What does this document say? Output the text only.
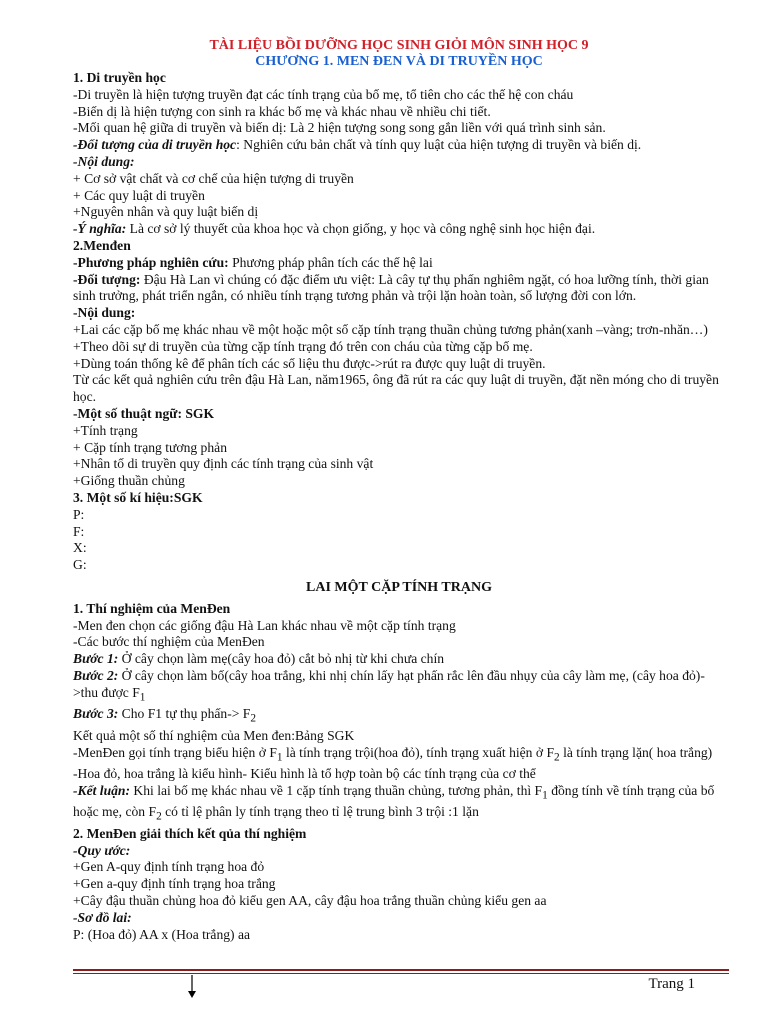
TÀI LIỆU BỒI DƯỠNG HỌC SINH GIỎI MÔN SINH HỌC 9
CHƯƠNG 1. MEN ĐEN VÀ DI TRUYỀN HỌC
1. Di truyền học
-Di truyền là hiện tượng truyền đạt các tính trạng của bố mẹ, tổ tiên cho các thế hệ con cháu
-Biến dị là hiện tượng con sinh ra khác bố mẹ và khác nhau về nhiều chi tiết.
-Mối quan hệ giữa di truyền và biến dị: Là 2 hiện tượng song song gắn liền với quá trình sinh sản.
-Đối tượng của di truyền học: Nghiên cứu bản chất và tính quy luật của hiện tượng di truyền và biến dị.
-Nội dung:
+ Cơ sở vật chất và cơ chế của hiện tượng di truyền
+ Các quy luật di truyền
+Nguyên nhân và quy luật biến dị
-Ý nghĩa: Là cơ sở lý thuyết của khoa học và chọn giống, y học và công nghệ sinh học hiện đại.
2.Menđen
-Phương pháp nghiên cứu: Phương pháp phân tích các thế hệ lai
-Đối tượng: Đậu Hà Lan vì chúng có đặc điểm ưu việt: Là cây tự thụ phấn nghiêm ngặt, có hoa lưỡng tính, thời gian sinh trưởng, phát triển ngắn, có nhiều tính trạng tương phản và trội lặn hoàn toàn, số lượng đời con lớn.
-Nội dung:
+Lai các cặp bố mẹ khác nhau về một hoặc một số cặp tính trạng thuần chủng tương phản(xanh –vàng; trơn-nhăn…)
+Theo dõi sự di truyền của từng cặp tính trạng đó trên con cháu của từng cặp bố mẹ.
+Dùng toán thống kê để phân tích các số liệu thu được->rút ra được quy luật di truyền.
Từ các kết quả nghiên cứu trên đậu Hà Lan, năm1965, ông đã rút ra các quy luật di truyền, đặt nền móng cho di truyền học.
-Một số thuật ngữ: SGK
+Tính trạng
+ Cặp tính trạng tương phản
+Nhân tố di truyền quy định các tính trạng của sinh vật
+Giống thuần chủng
3. Một số kí hiệu:SGK
P:
F:
X:
G:
LAI MỘT CẶP TÍNH TRẠNG
1. Thí nghiệm của MenĐen
-Men đen chọn các giống đậu Hà Lan khác nhau về một cặp tính trạng
-Các bước thí nghiệm của MenĐen
Bước 1: Ở cây chọn làm mẹ(cây hoa đỏ) cắt bỏ nhị từ khi chưa chín
Bước 2: Ở cây chọn làm bố(cây hoa trắng, khi nhị chín lấy hạt phấn rắc lên đầu nhụy của cây làm mẹ, (cây hoa đỏ)->thu được $F_1$
Bước 3: Cho F1 tự thụ phấn-> $F_2$
Kết quả một số thí nghiệm của Men đen:Bảng SGK
-MenĐen gọi tính trạng biểu hiện ở $F_1$ là tính trạng trội(hoa đỏ), tính trạng xuất hiện ở $F_2$ là tính trạng lặn( hoa trắng)
-Hoa đỏ, hoa trắng là kiểu hình- Kiểu hình là tổ hợp toàn bộ các tính trạng của cơ thể
-Kết luận: Khi lai bố mẹ khác nhau về 1 cặp tính trạng thuần chủng, tương phản, thì $F_1$ đồng tính về tính trạng của bố hoặc mẹ, còn $F_2$ có tỉ lệ phân ly tính trạng theo tỉ lệ trung bình 3 trội :1 lặn
2. MenĐen giải thích kết qủa thí nghiệm
-Quy ước:
+Gen A-quy định tính trạng hoa đỏ
+Gen a-quy định tính trạng hoa trắng
+Cây đậu thuần chủng hoa đỏ kiểu gen AA, cây đậu hoa trắng thuần chủng kiểu gen aa
-Sơ đồ lai:
P: (Hoa đỏ) AA x (Hoa trắng) aa
Trang 1
